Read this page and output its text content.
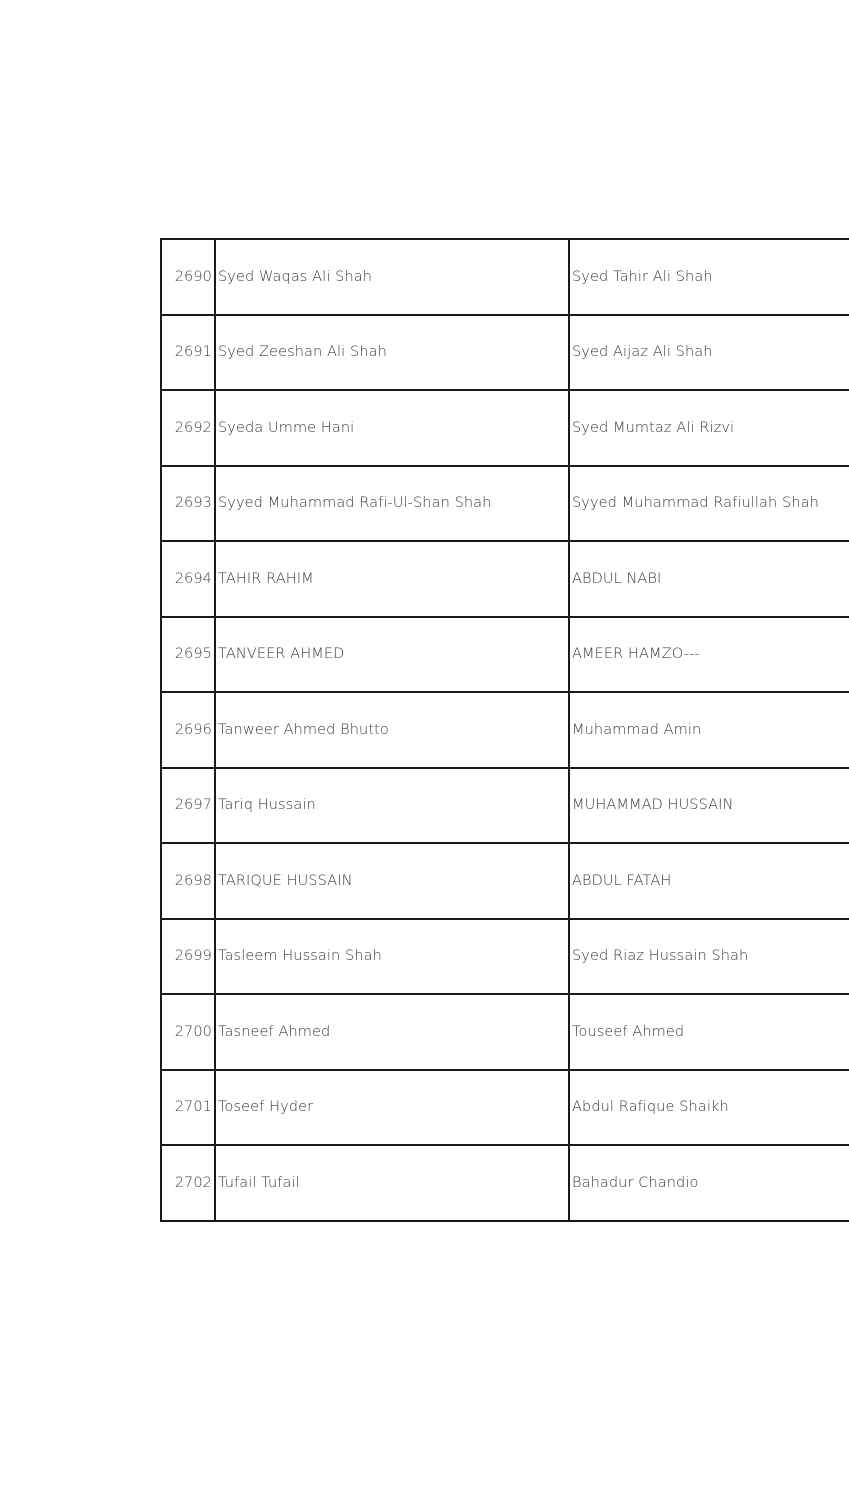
2690	Syed Waqas Ali Shah	Syed Tahir Ali Shah
2691	Syed Zeeshan Ali Shah	Syed Aijaz Ali Shah
2692	Syeda Umme Hani	Syed Mumtaz Ali Rizvi
2693	Syyed Muhammad Rafi-Ul-Shan Shah	Syyed Muhammad Rafiullah Shah
2694	TAHIR RAHIM	ABDUL NABI
2695	TANVEER AHMED	AMEER HAMZO---
2696	Tanweer Ahmed Bhutto	Muhammad Amin
2697	Tariq Hussain	MUHAMMAD HUSSAIN
2698	TARIQUE HUSSAIN	ABDUL FATAH
2699	Tasleem Hussain Shah	Syed Riaz Hussain Shah
2700	Tasneef Ahmed	Touseef Ahmed
2701	Toseef Hyder	Abdul Rafique Shaikh
2702	Tufail Tufail	Bahadur Chandio
